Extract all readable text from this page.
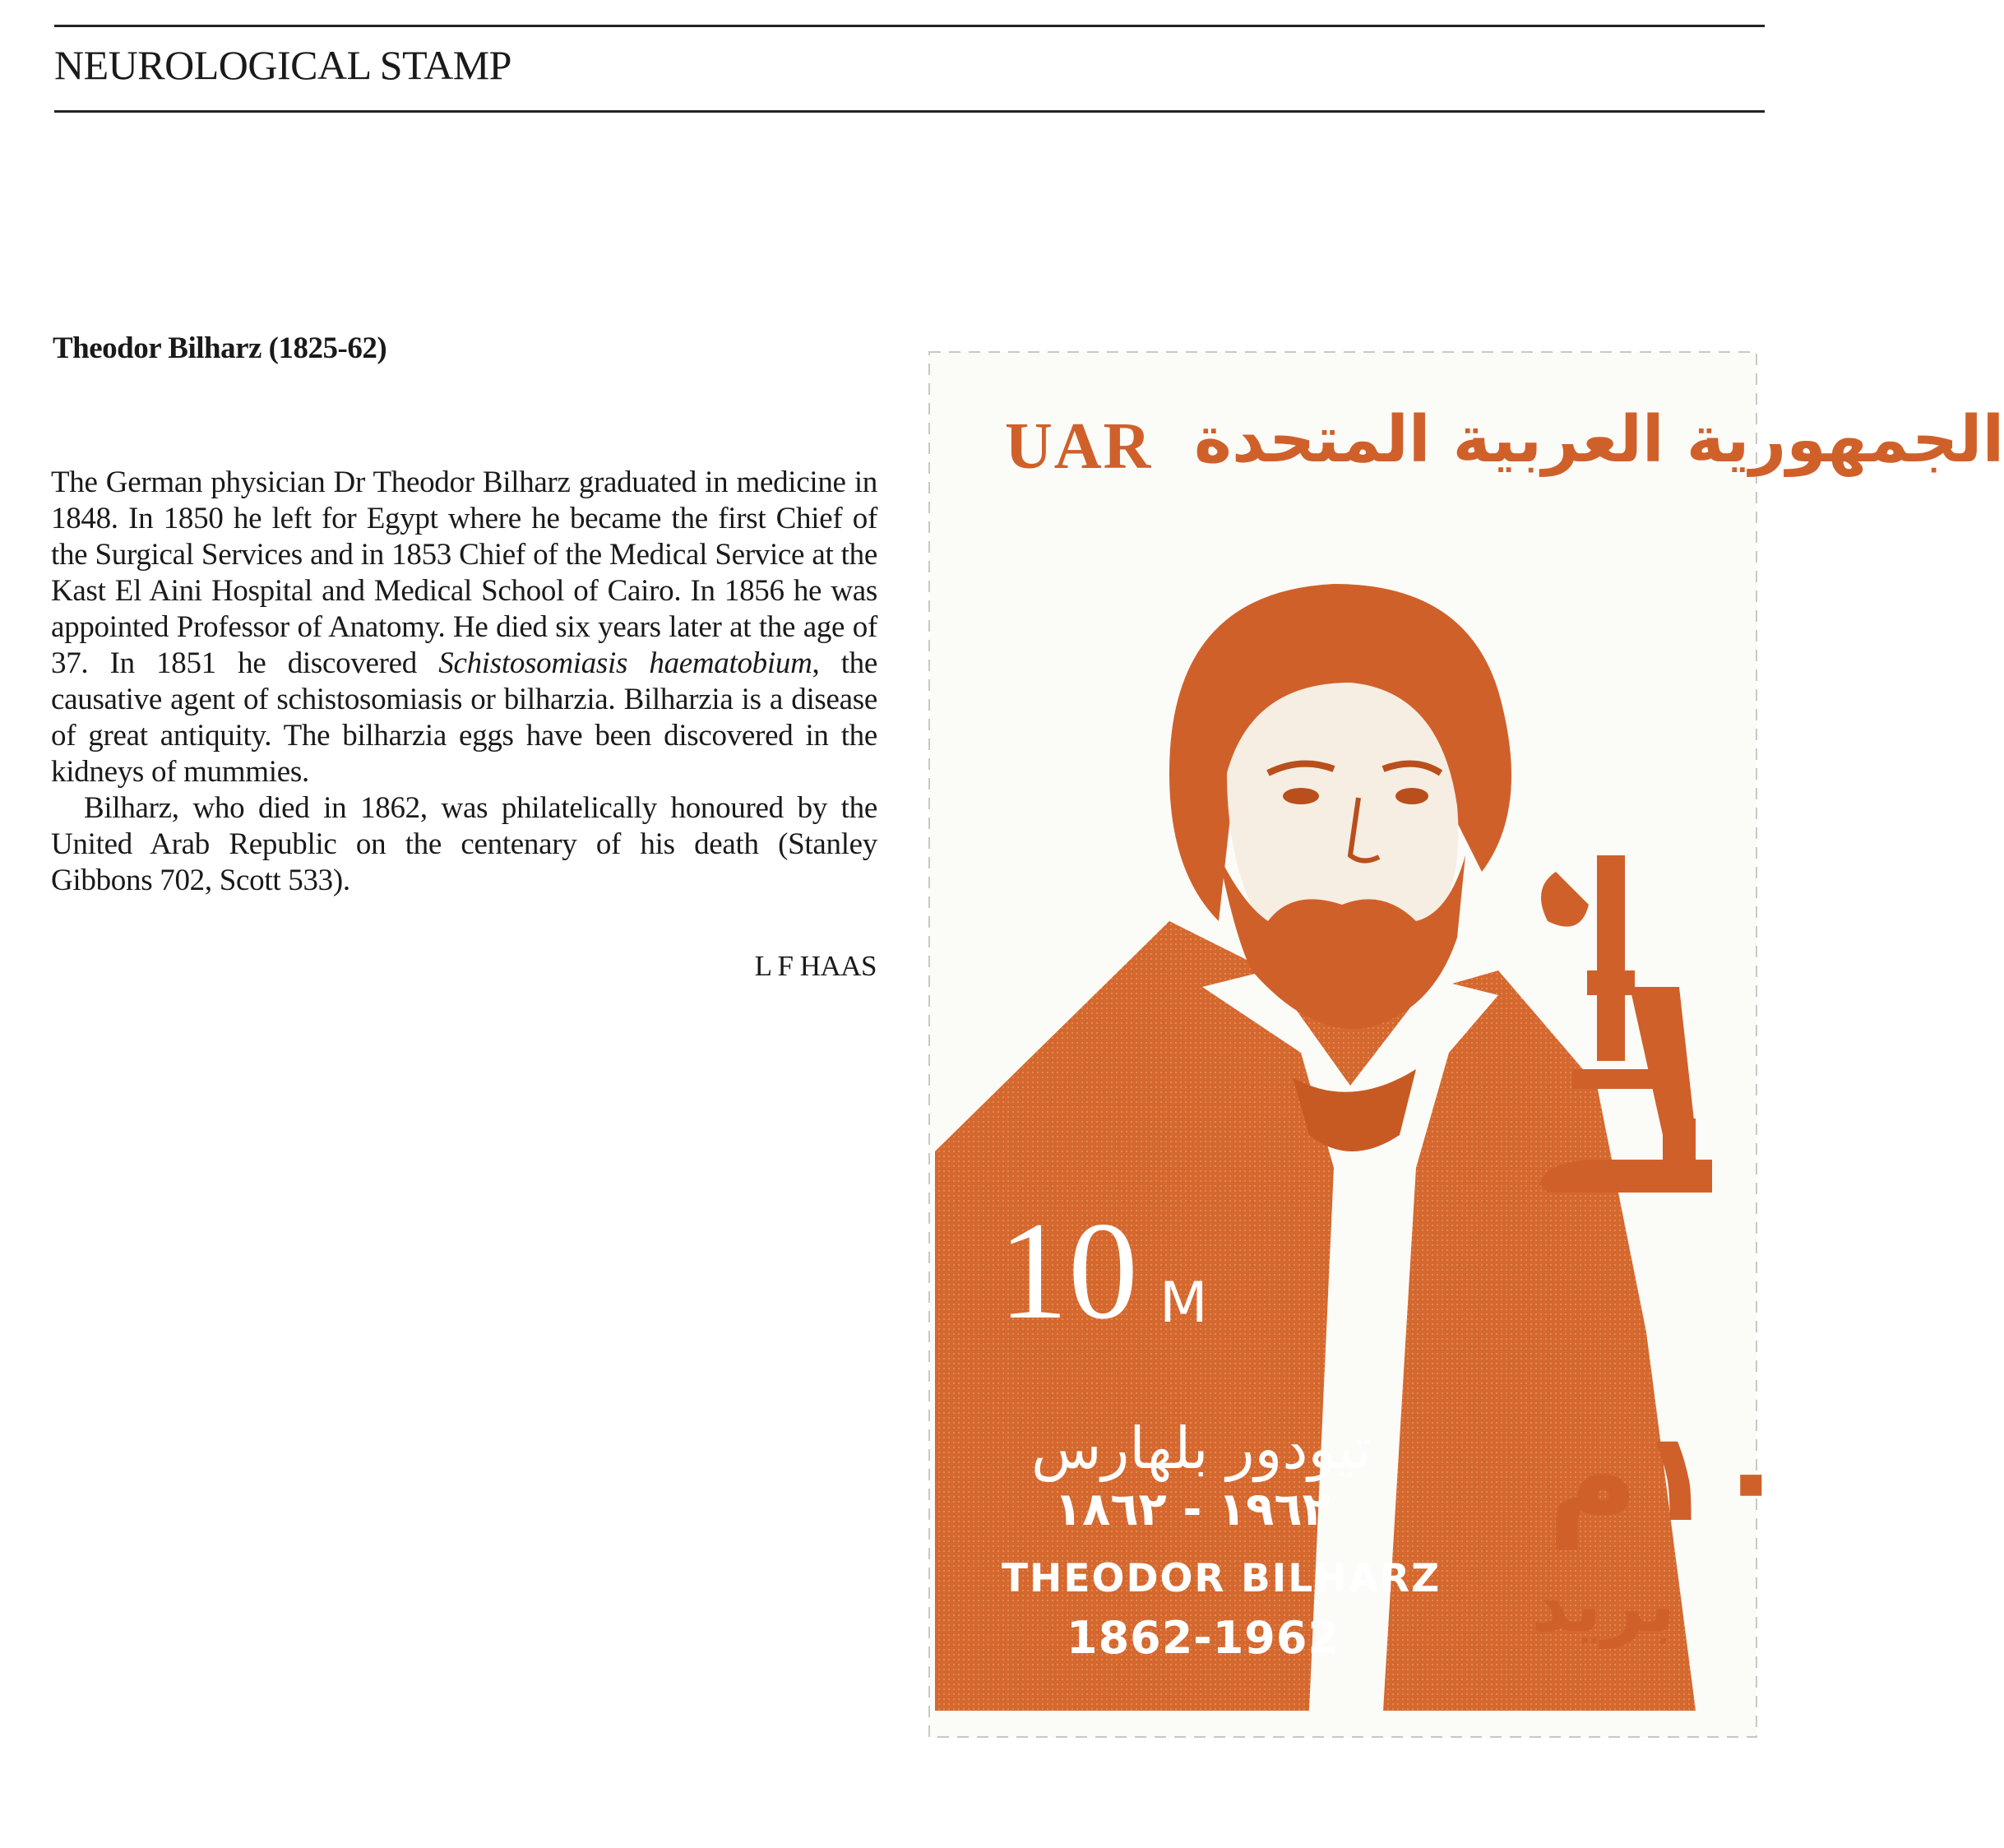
NEUROLOGICAL STAMP
Theodor Bilharz (1825-62)

The German physician Dr Theodor Bilharz graduated in medicine in 1848. In 1850 he left for Egypt where he became the first Chief of the Surgical Services and in 1853 Chief of the Medical Service at the Kast El Aini Hospital and Medical School of Cairo. In 1856 he was appointed Professor of Anatomy. He died six years later at the age of 37. In 1851 he discovered Schistosomiasis haematobium, the causative agent of schistosomiasis or bilharzia. Bilharzia is a disease of great antiquity. The bilharzia eggs have been discovered in the kidneys of mummies.

Bilharz, who died in 1862, was philatelically honoured by the United Arab Republic on the centenary of his death (Stanley Gibbons 702, Scott 533).

L F HAAS
UAR الجمهورية العربية المتحدة
10 M
تيودور بلهارس
١٩٦٢ - ١٨٦٢
THEODOR BILHARZ
1862-1962
١٠م
بريد
